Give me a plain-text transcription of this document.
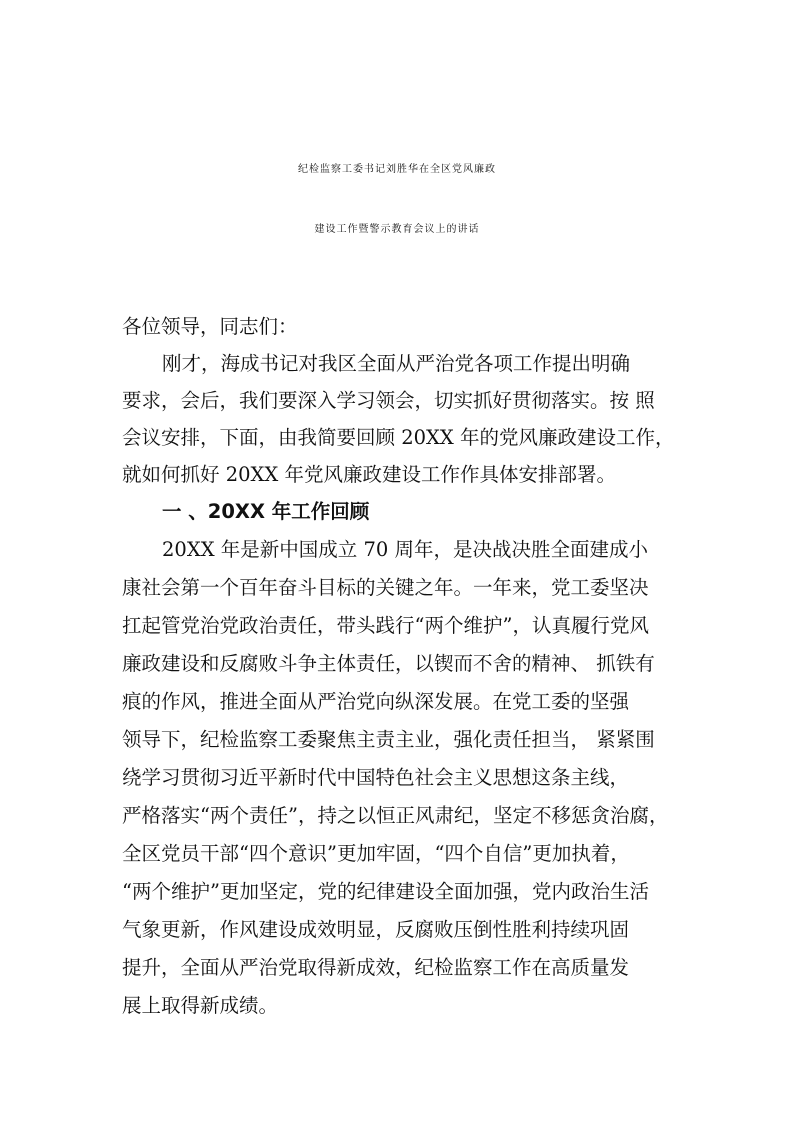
纪检监察工委书记刘胜华在全区党风廉政
建设工作暨警示教育会议上的讲话
各位领导，同志们：
刚才，海成书记对我区全面从严治党各项工作提出明确
要求，会后，我们要深入学习领会，切实抓好贯彻落实。按 照
会议安排，下面，由我简要回顾 20XX 年的党风廉政建设工作，
就如何抓好 20XX 年党风廉政建设工作作具体安排部署。
一 、20XX 年工作回顾
20XX 年是新中国成立 70 周年，是决战决胜全面建成小
康社会第一个百年奋斗目标的关键之年。一年来，党工委坚决
扛起管党治党政治责任，带头践行“两个维护”，认真履行党风
廉政建设和反腐败斗争主体责任，以锲而不舍的精神、 抓铁有
痕的作风，推进全面从严治党向纵深发展。在党工委的坚强
领导下，纪检监察工委聚焦主责主业，强化责任担当， 紧紧围
绕学习贯彻习近平新时代中国特色社会主义思想这条主线，
严格落实“两个责任”，持之以恒正风肃纪，坚定不移惩贪治腐，
全区党员干部“四个意识”更加牢固，“四个自信”更加执着，
“两个维护”更加坚定，党的纪律建设全面加强，党内政治生活
气象更新，作风建设成效明显，反腐败压倒性胜利持续巩固
提升，全面从严治党取得新成效，纪检监察工作在高质量发
展上取得新成绩。
